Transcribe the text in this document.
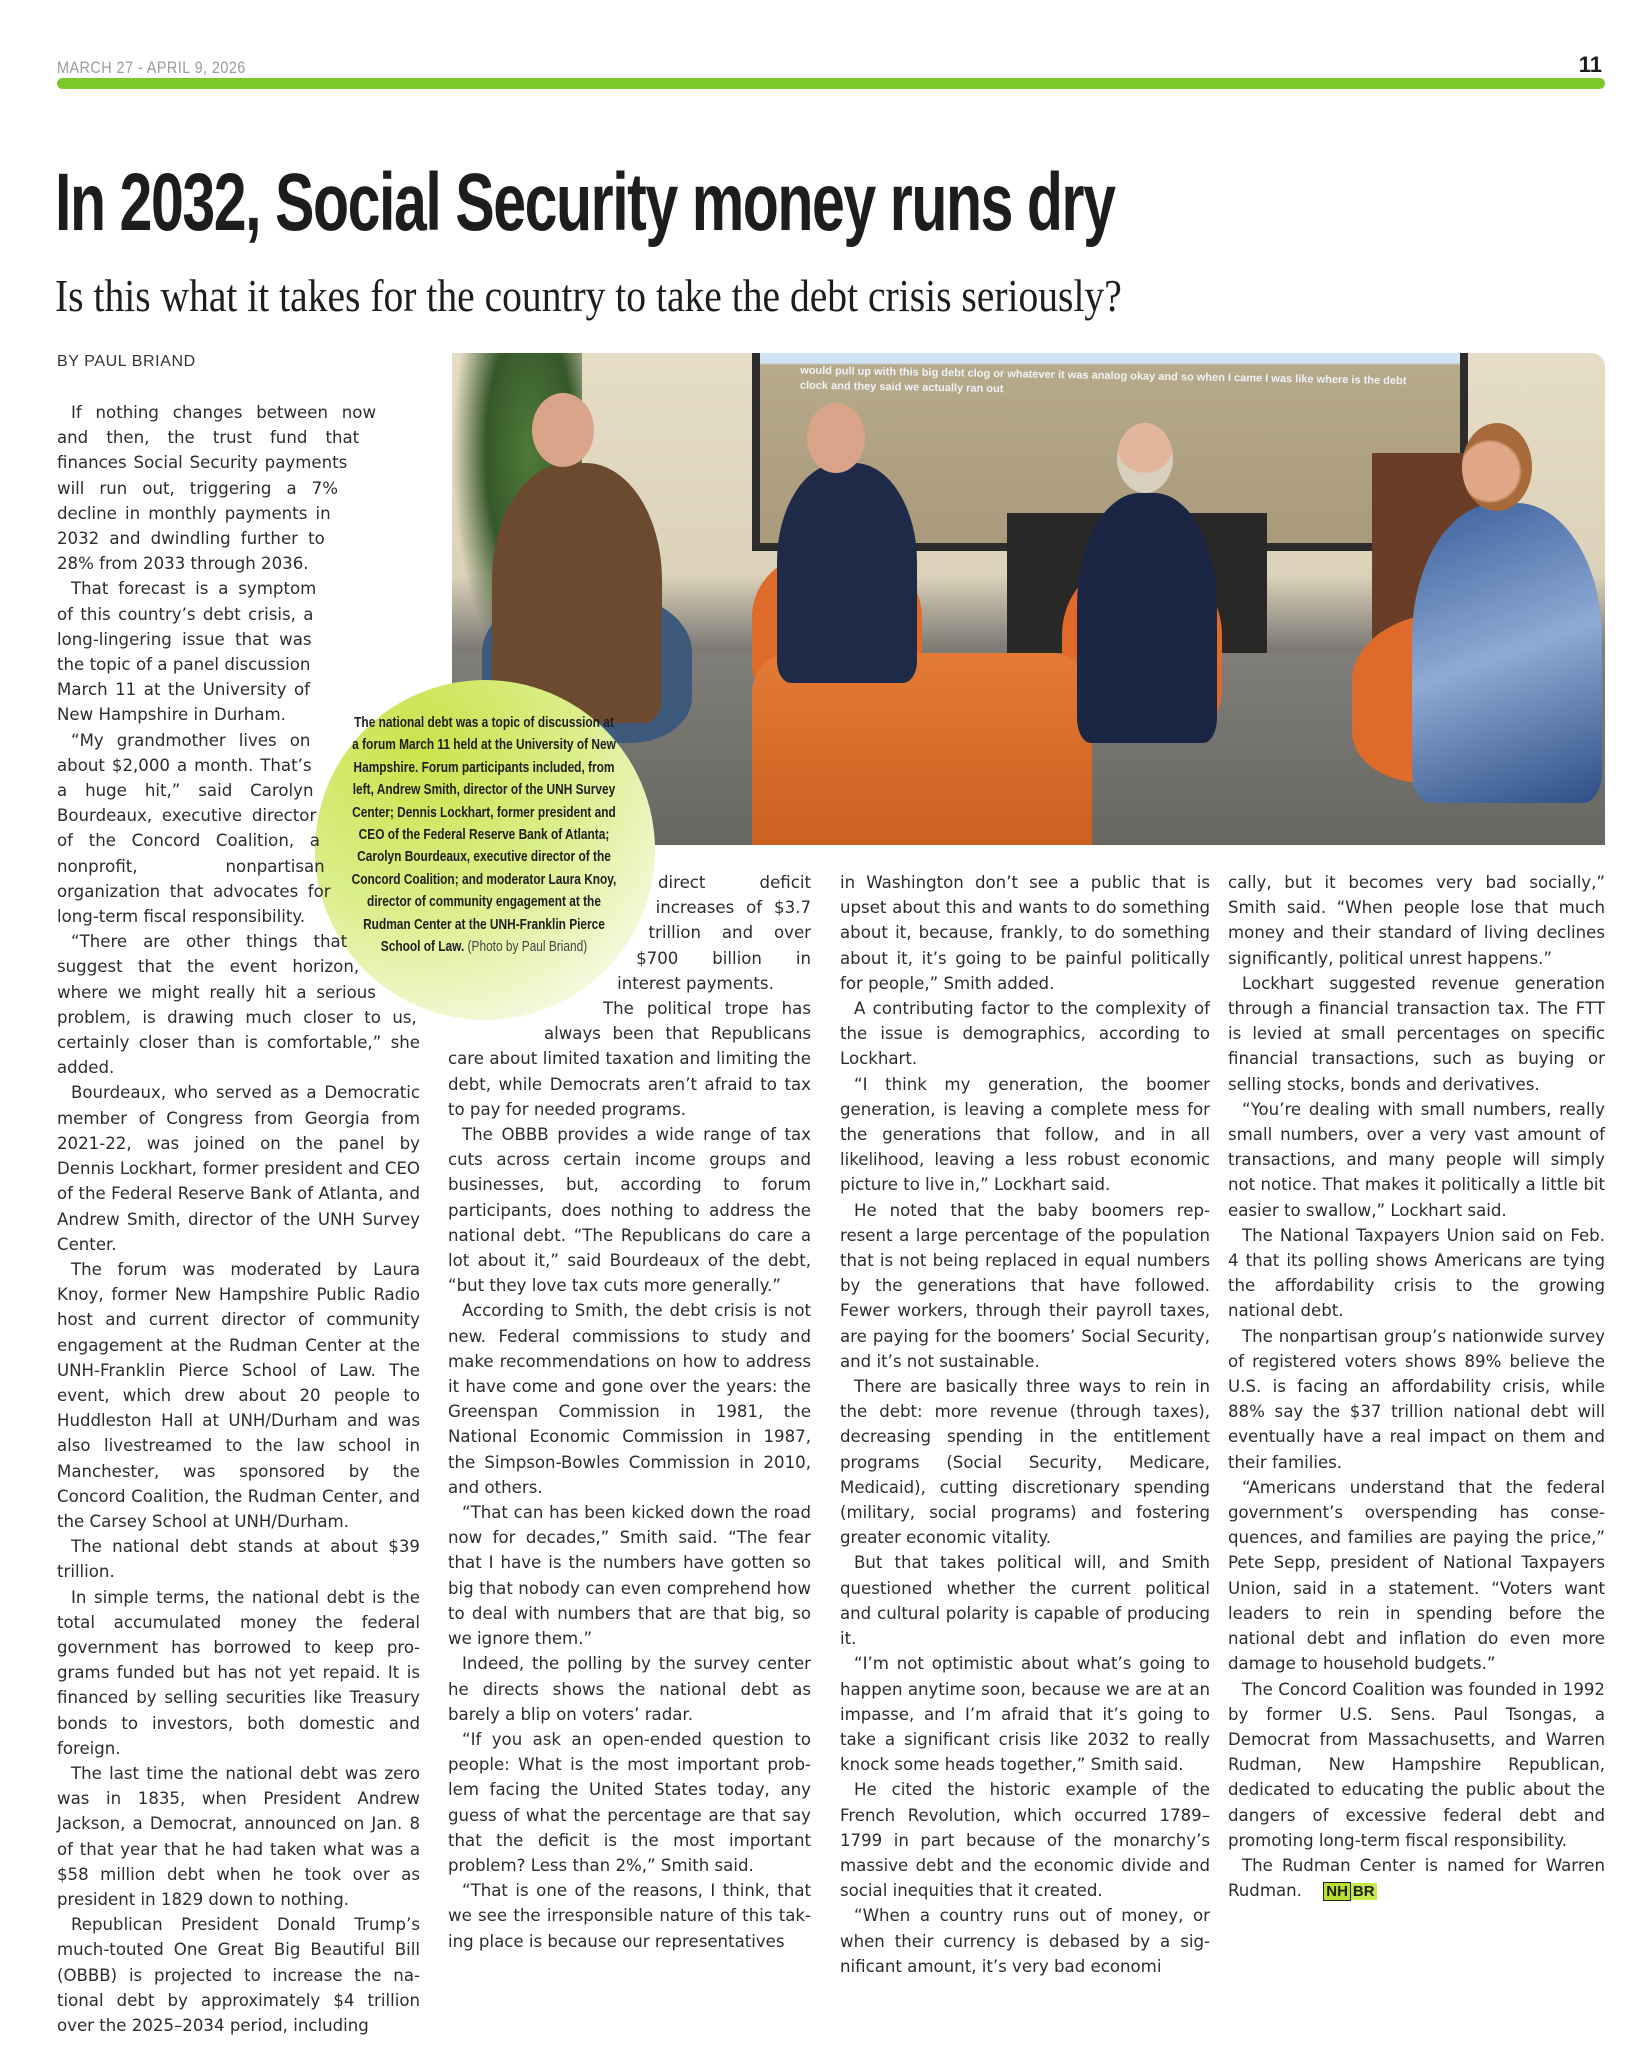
MARCH 27 - APRIL 9, 2026	11
In 2032, Social Security money runs dry
Is this what it takes for the country to take the debt crisis seriously?
BY PAUL BRIAND
would pull up with this big debt clog or whatever it was analog okay and so when I came I was like where is the debt clock and they said we actually ran out
The national debt was a topic of discussion at a forum March 11 held at the University of New Hampshire. Forum participants included, from left, Andrew Smith, director of the UNH Survey Center; Dennis Lockhart, former president and CEO of the Federal Reserve Bank of Atlanta; Carolyn Bourdeaux, executive director of the Concord Coalition; and moderator Laura Knoy, director of community engagement at the Rudman Center at the UNH-Franklin Pierce School of Law. (Photo by Paul Briand)

If nothing changes between now and then, the trust fund that finances Social Security payments will run out, triggering a 7% decline in monthly payments in 2032 and dwindling further to 28% from 2033 through 2036.

That forecast is a symptom of this country’s debt crisis, a long-lingering issue that was the topic of a panel discussion March 11 at the University of New Hampshire in Durham.

“My grandmother lives on about $2,000 a month. That’s a huge hit,” said Carolyn Bourdeaux, executive director of the Concord Coalition, a nonprofit, nonpartisan organization that advocates for long-term fiscal responsibility.

“There are other things that suggest that the event horizon, where we might really hit a serious problem, is drawing much closer to us, certainly closer than is comfortable,” she added.

Bourdeaux, who served as a Democratic member of Congress from Georgia from 2021-22, was joined on the panel by Dennis Lockhart, former president and CEO of the Federal Reserve Bank of Atlanta, and Andrew Smith, director of the UNH Survey Center.

The forum was moderated by Laura Knoy, former New Hampshire Public Radio host and current director of community engagement at the Rudman Center at the UNH-Franklin Pierce School of Law. The event, which drew about 20 people to Huddleston Hall at UNH/Durham and was also livestreamed to the law school in Manchester, was sponsored by the Concord Coalition, the Rudman Center, and the Carsey School at UNH/Durham.

The national debt stands at about $39 trillion.

In simple terms, the national debt is the total accumulated money the federal government has borrowed to keep programs funded but has not yet repaid. It is financed by selling securities like Treasury bonds to investors, both domestic and foreign.

The last time the national debt was zero was in 1835, when President Andrew Jackson, a Democrat, announced on Jan. 8 of that year that he had taken what was a $58 million debt when he took over as president in 1829 down to nothing.

Republican President Donald Trump’s much-touted One Great Big Beautiful Bill (OBBB) is projected to increase the national debt by approximately $4 trillion over the 2025–2034 period, including

direct deficit increases of $3.7 trillion and over $700 billion in interest payments.

The political trope has always been that Republicans care about limited taxation and limiting the debt, while Democrats aren’t afraid to tax to pay for needed programs.

The OBBB provides a wide range of tax cuts across certain income groups and businesses, but, according to forum participants, does nothing to address the national debt. “The Republicans do care a lot about it,” said Bourdeaux of the debt, “but they love tax cuts more generally.”

According to Smith, the debt crisis is not new. Federal commissions to study and make recommendations on how to address it have come and gone over the years: the Greenspan Commission in 1981, the National Economic Commission in 1987, the Simpson-Bowles Commission in 2010, and others.

“That can has been kicked down the road now for decades,” Smith said. “The fear that I have is the numbers have gotten so big that nobody can even comprehend how to deal with numbers that are that big, so we ignore them.”

Indeed, the polling by the survey center he directs shows the national debt as barely a blip on voters’ radar.

“If you ask an open-ended question to people: What is the most important problem facing the United States today, any guess of what the percentage are that say that the deficit is the most important problem? Less than 2%,” Smith said.

“That is one of the reasons, I think, that we see the irresponsible nature of this taking place is because our representatives

in Washington don’t see a public that is upset about this and wants to do something about it, because, frankly, to do something about it, it’s going to be painful politically for people,” Smith added.

A contributing factor to the complexity of the issue is demographics, according to Lockhart.

“I think my generation, the boomer generation, is leaving a complete mess for the generations that follow, and in all likelihood, leaving a less robust economic picture to live in,” Lockhart said.

He noted that the baby boomers represent a large percentage of the population that is not being replaced in equal numbers by the generations that have followed. Fewer workers, through their payroll taxes, are paying for the boomers’ Social Security, and it’s not sustainable.

There are basically three ways to rein in the debt: more revenue (through taxes), decreasing spending in the entitlement programs (Social Security, Medicare, Medicaid), cutting discretionary spending (military, social programs) and fostering greater economic vitality.

But that takes political will, and Smith questioned whether the current political and cultural polarity is capable of producing it.

“I’m not optimistic about what’s going to happen anytime soon, because we are at an impasse, and I’m afraid that it’s going to take a significant crisis like 2032 to really knock some heads together,” Smith said.

He cited the historic example of the French Revolution, which occurred 1789–1799 in part because of the monarchy’s massive debt and the economic divide and social inequities that it created.

“When a country runs out of money, or when their currency is debased by a significant amount, it’s very bad economi

cally, but it becomes very bad socially,” Smith said. “When people lose that much money and their standard of living declines significantly, political unrest happens.”

Lockhart suggested revenue generation through a financial transaction tax. The FTT is levied at small percentages on specific financial transactions, such as buying or selling stocks, bonds and derivatives.

“You’re dealing with small numbers, really small numbers, over a very vast amount of transactions, and many people will simply not notice. That makes it politically a little bit easier to swallow,” Lockhart said.

The National Taxpayers Union said on Feb. 4 that its polling shows Americans are tying the affordability crisis to the growing national debt.

The nonpartisan group’s nationwide survey of registered voters shows 89% believe the U.S. is facing an affordability crisis, while 88% say the $37 trillion national debt will eventually have a real impact on them and their families.

“Americans understand that the federal government’s overspending has consequences, and families are paying the price,” Pete Sepp, president of National Taxpayers Union, said in a statement. “Voters want leaders to rein in spending before the national debt and inflation do even more damage to household budgets.”

The Concord Coalition was founded in 1992 by former U.S. Sens. Paul Tsongas, a Democrat from Massachusetts, and Warren Rudman, New Hampshire Republican, dedicated to educating the public about the dangers of excessive federal debt and promoting long-term fiscal responsibility.

The Rudman Center is named for Warren Rudman. NH BR
